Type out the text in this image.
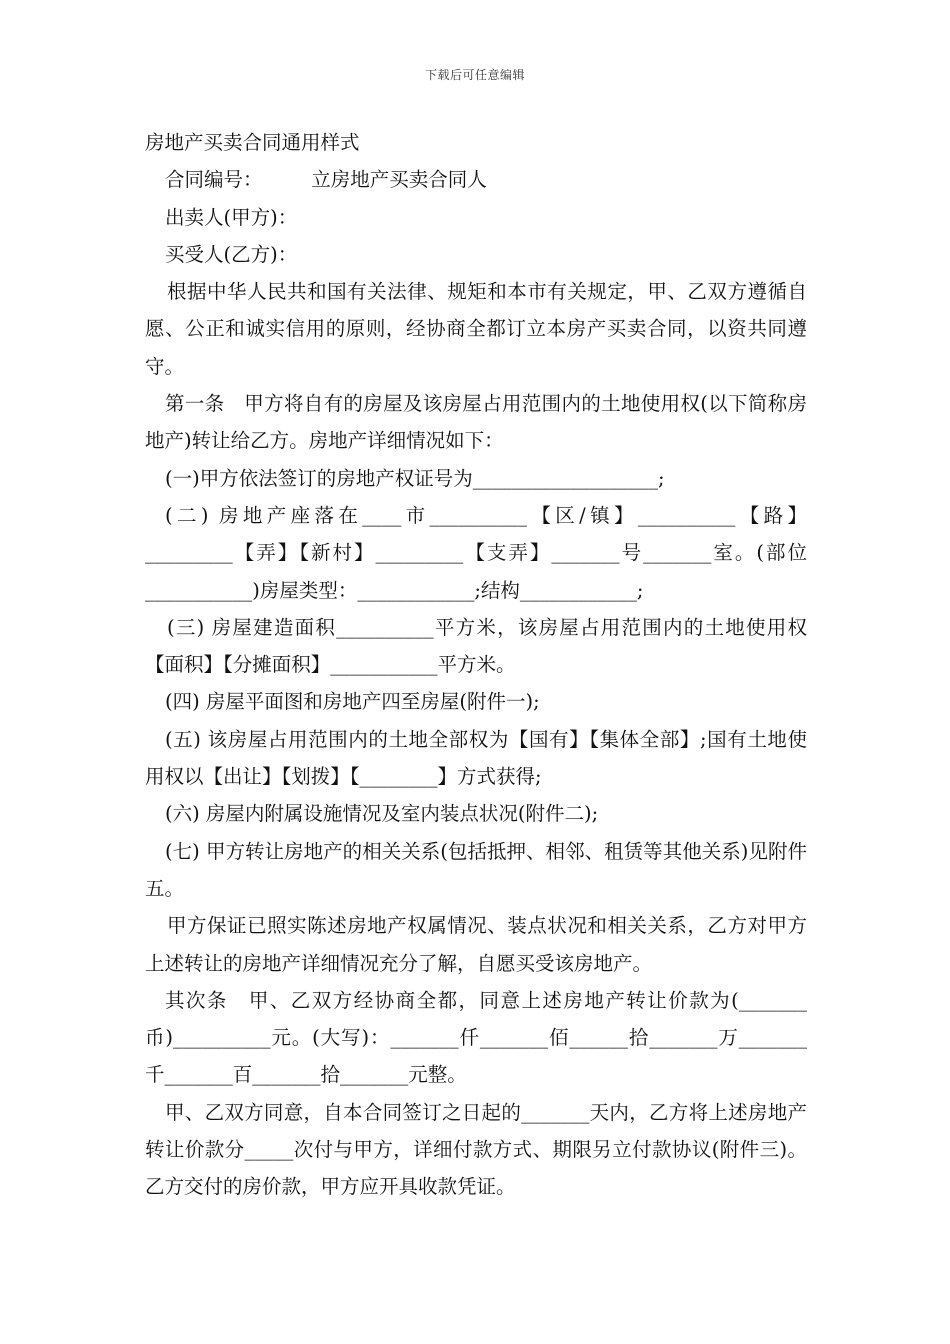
下载后可任意编辑

房地产买卖合同通用样式

合同编号：　　　立房地产买卖合同人

出卖人(甲方)：

买受人(乙方)：

根据中华人民共和国有关法律、规矩和本市有关规定，甲、乙双方遵循自愿、公正和诚实信用的原则，经协商全都订立本房产买卖合同，以资共同遵守。

第一条　甲方将自有的房屋及该房屋占用范围内的土地使用权(以下简称房地产)转让给乙方。房地产详细情况如下：

(一)甲方依法签订的房地产权证号为___________________;

(二) 房地产座落在____市__________【区/镇】__________【路】_________【弄】【新村】_________【支弄】_______号_______室。(部位___________)房屋类型：____________;结构____________;

(三) 房屋建造面积__________平方米，该房屋占用范围内的土地使用权【面积】【分摊面积】___________平方米。

(四) 房屋平面图和房地产四至房屋(附件一);

(五) 该房屋占用范围内的土地全部权为【国有】【集体全部】;国有土地使用权以【出让】【划拨】【________】方式获得;

(六) 房屋内附属设施情况及室内装点状况(附件二);

(七) 甲方转让房地产的相关关系(包括抵押、相邻、租赁等其他关系)见附件五。

甲方保证已照实陈述房地产权属情况、装点状况和相关关系，乙方对甲方上述转让的房地产详细情况充分了解，自愿买受该房地产。

其次条　甲、乙双方经协商全都，同意上述房地产转让价款为(_______币)__________元。(大写)：_______仟_______佰______拾_______万_______千_______百_______拾_______元整。

甲、乙双方同意，自本合同签订之日起的_______天内，乙方将上述房地产转让价款分_____次付与甲方，详细付款方式、期限另立付款协议(附件三)。乙方交付的房价款，甲方应开具收款凭证。
